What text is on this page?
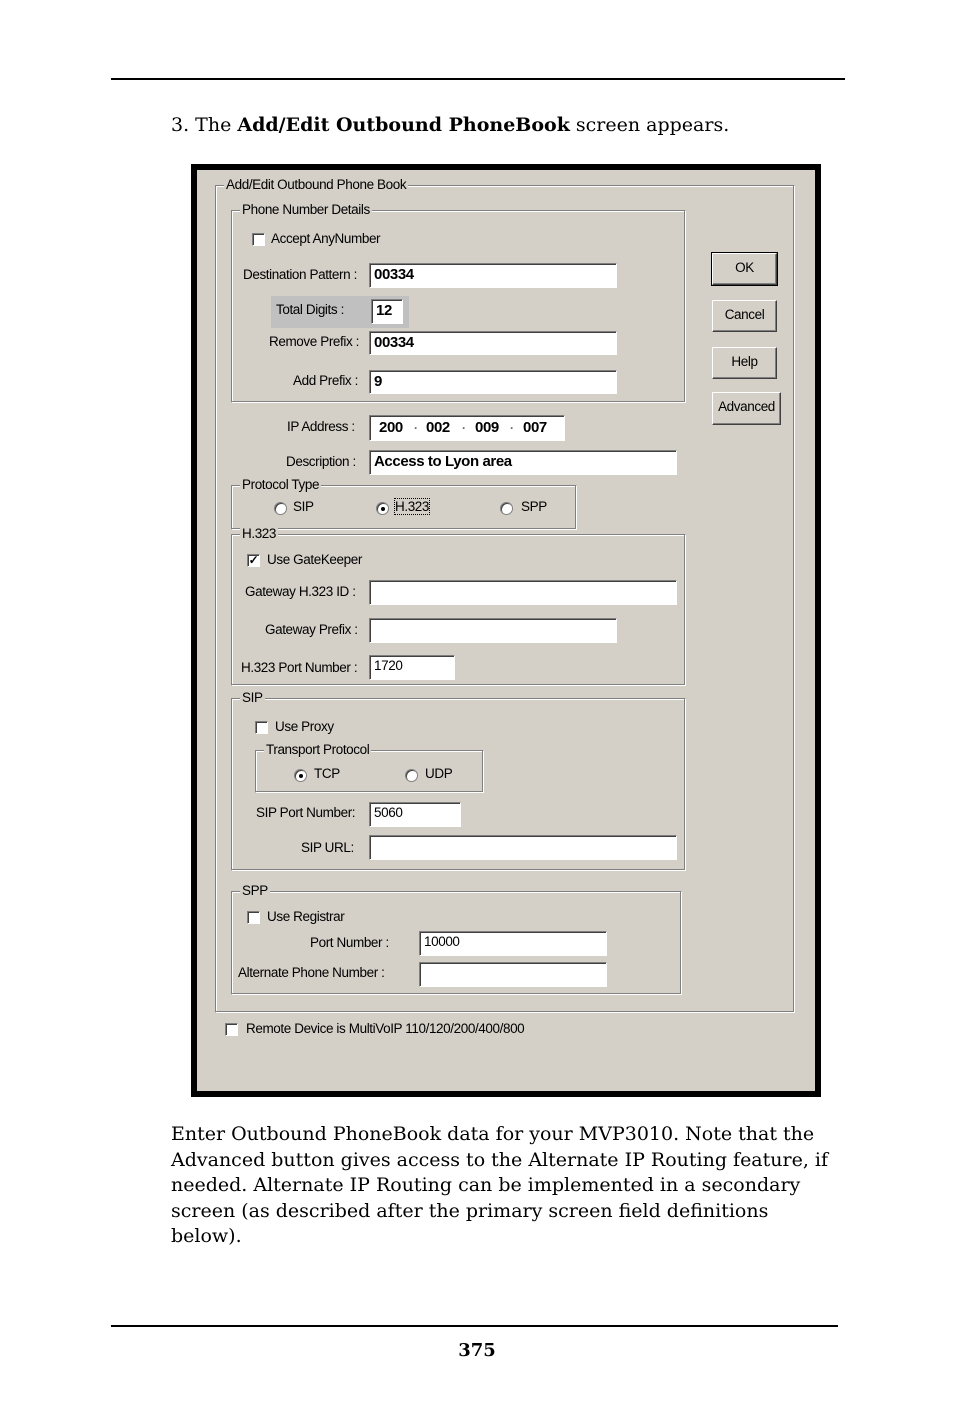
3. The Add/Edit Outbound PhoneBook screen appears.
Add/Edit Outbound Phone Book
Phone Number Details
Accept AnyNumber
Destination Pattern :	00334
Total Digits :	12
Remove Prefix : 00334
Add Prefix :	9
OK
Cancel
Help
Advanced
IP Address : 200 . 002 . 009 . 007
Description :	Access to Lyon area
Protocol Type
SIP	H.323	SPP
H.323
✓ Use GateKeeper
Gateway H.323 ID :
Gateway Prefix :
H.323 Port Number :	1720
SIP
Use Proxy
Transport Protocol
TCP	UDP
SIP Port Number:	5060
SIP URL:
SPP
Use Registrar
Port Number :	10000
Alternate Phone Number :
Remote Device is MultiVoIP 110/120/200/400/800
Enter Outbound PhoneBook data for your MVP3010. Note that the Advanced button gives access to the Alternate IP Routing feature, if needed. Alternate IP Routing can be implemented in a secondary screen (as described after the primary screen field definitions below).
375
